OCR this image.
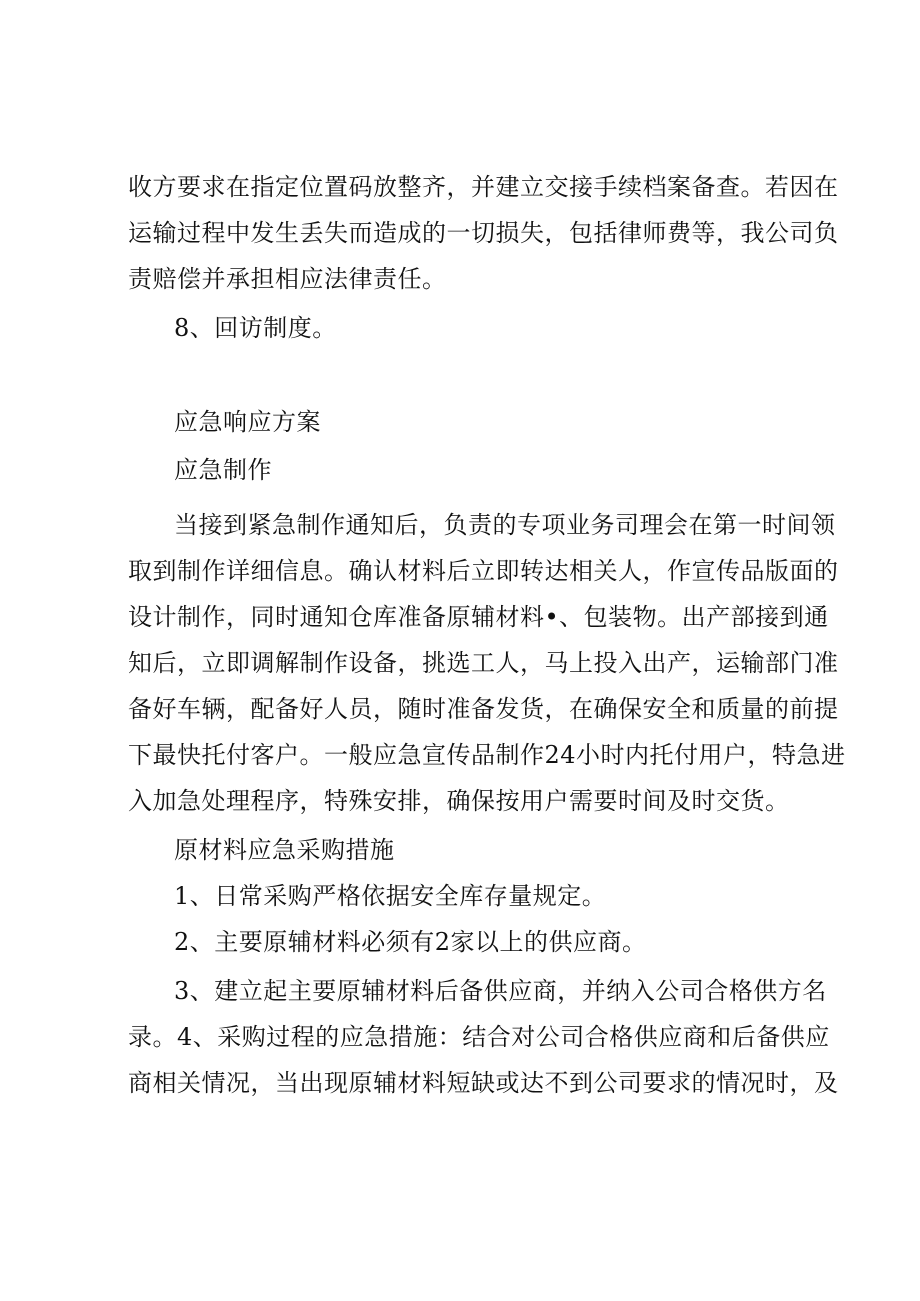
收方要求在指定位置码放整齐，并建立交接手续档案备查。若因在
运输过程中发生丢失而造成的一切损失，包括律师费等，我公司负
责赔偿并承担相应法律责任。
8、回访制度。
应急响应方案
应急制作
当接到紧急制作通知后，负责的专项业务司理会在第一时间领
取到制作详细信息。确认材料后立即转达相关人，作宣传品版面的
设计制作，同时通知仓库准备原辅材料•、包装物。出产部接到通
知后，立即调解制作设备，挑选工人，马上投入出产，运输部门准
备好车辆，配备好人员，随时准备发货，在确保安全和质量的前提
下最快托付客户。一般应急宣传品制作24小时内托付用户，特急进
入加急处理程序，特殊安排，确保按用户需要时间及时交货。
原材料应急采购措施
1、日常采购严格依据安全库存量规定。
2、主要原辅材料必须有2家以上的供应商。
3、建立起主要原辅材料后备供应商，并纳入公司合格供方名
录。4、采购过程的应急措施：结合对公司合格供应商和后备供应
商相关情况，当出现原辅材料短缺或达不到公司要求的情况时，及
